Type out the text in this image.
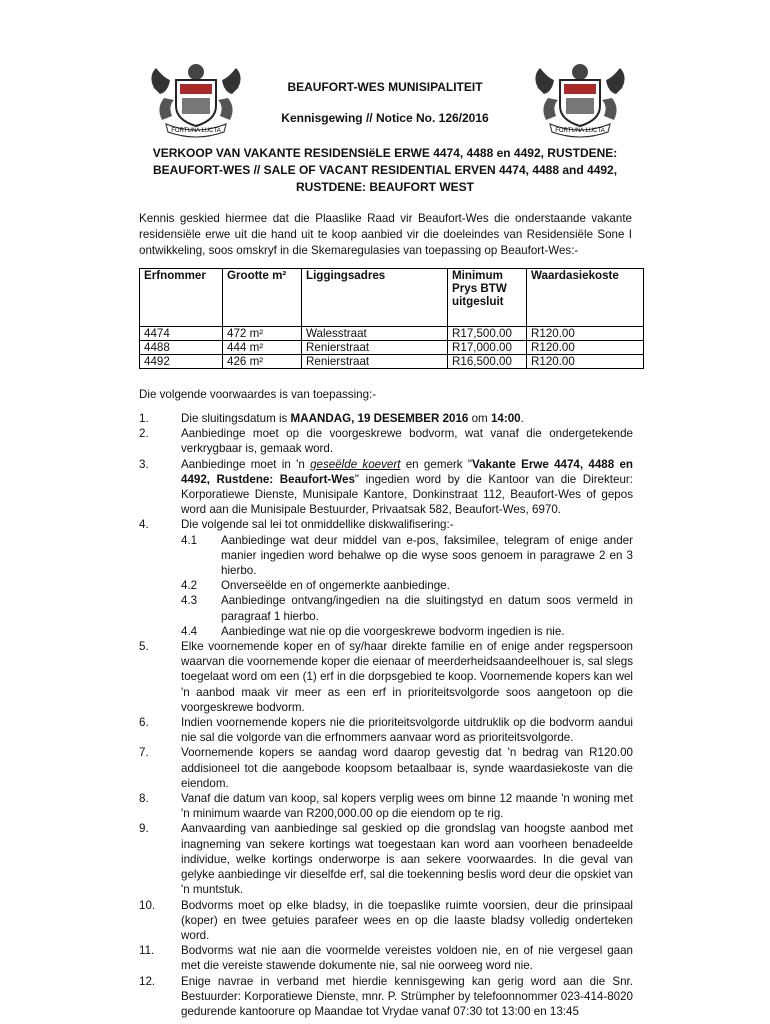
FORTUNA LUCTA	FORTUNA LUCTA
BEAUFORT-WES MUNISIPALITEIT
Kennisgewing // Notice No. 126/2016
VERKOOP VAN VAKANTE RESIDENSIëLE ERWE 4474, 4488 en 4492, RUSTDENE: BEAUFORT-WES // SALE OF VACANT RESIDENTIAL ERVEN 4474, 4488 and 4492, RUSTDENE: BEAUFORT WEST
Kennis geskied hiermee dat die Plaaslike Raad vir Beaufort-Wes die onderstaande vakante residensiële erwe uit die hand uit te koop aanbied vir die doeleindes van Residensiële Sone I ontwikkeling, soos omskryf in die Skemaregulasies van toepassing op Beaufort-Wes:-
Erfnommer	Grootte m²	Liggingsadres	Minimum Prys BTW uitgesluit	Waardasiekoste
4474	472 m²	Walesstraat	R17,500.00	R120.00
4488	444 m²	Renierstraat	R17,000.00	R120.00
4492	426 m²	Renierstraat	R16,500.00	R120.00
Die volgende voorwaardes is van toepassing:-
1.	Die sluitingsdatum is MAANDAG, 19 DESEMBER 2016 om 14:00.
2.	Aanbiedinge moet op die voorgeskrewe bodvorm, wat vanaf die ondergetekende verkrygbaar is, gemaak word.
3.	Aanbiedinge moet in 'n geseëlde koevert en gemerk "Vakante Erwe 4474, 4488 en 4492, Rustdene: Beaufort-Wes" ingedien word by die Kantoor van die Direkteur: Korporatiewe Dienste, Munisipale Kantore, Donkinstraat 112, Beaufort-Wes of gepos word aan die Munisipale Bestuurder, Privaatsak 582, Beaufort-Wes, 6970.
4.	Die volgende sal lei tot onmiddellike diskwalifisering:-
4.1 Aanbiedinge wat deur middel van e-pos, faksimilee, telegram of enige ander manier ingedien word behalwe op die wyse soos genoem in paragrawe 2 en 3 hierbo.
4.2 Onverseëlde en of ongemerkte aanbiedinge.
4.3 Aanbiedinge ontvang/ingedien na die sluitingstyd en datum soos vermeld in paragraaf 1 hierbo.
4.4 Aanbiedinge wat nie op die voorgeskrewe bodvorm ingedien is nie.
5.	Elke voornemende koper en of sy/haar direkte familie en of enige ander regspersoon waarvan die voornemende koper die eienaar of meerderheidsaandeelhouer is, sal slegs toegelaat word om een (1) erf in die dorpsgebied te koop. Voornemende kopers kan wel 'n aanbod maak vir meer as een erf in prioriteitsvolgorde soos aangetoon op die voorgeskrewe bodvorm.
6.	Indien voornemende kopers nie die prioriteitsvolgorde uitdruklik op die bodvorm aandui nie sal die volgorde van die erfnommers aanvaar word as prioriteitsvolgorde.
7.	Voornemende kopers se aandag word daarop gevestig dat 'n bedrag van R120.00 addisioneel tot die aangebode koopsom betaalbaar is, synde waardasiekoste van die eiendom.
8.	Vanaf die datum van koop, sal kopers verplig wees om binne 12 maande 'n woning met 'n minimum waarde van R200,000.00 op die eiendom op te rig.
9.	Aanvaarding van aanbiedinge sal geskied op die grondslag van hoogste aanbod met inagneming van sekere kortings wat toegestaan kan word aan voorheen benadeelde individue, welke kortings onderworpe is aan sekere voorwaardes. In die geval van gelyke aanbiedinge vir dieselfde erf, sal die toekenning beslis word deur die opskiet van 'n muntstuk.
10. Bodvorms moet op elke bladsy, in die toepaslike ruimte voorsien, deur die prinsipaal (koper) en twee getuies parafeer wees en op die laaste bladsy volledig onderteken word.
11. Bodvorms wat nie aan die voormelde vereistes voldoen nie, en of nie vergesel gaan met die vereiste stawende dokumente nie, sal nie oorweeg word nie.
12. Enige navrae in verband met hierdie kennisgewing kan gerig word aan die Snr. Bestuurder: Korporatiewe Dienste, mnr. P. Strümpher by telefoonnommer 023-414-8020 gedurende kantoorure op Maandae tot Vrydae vanaf 07:30 tot 13:00 en 13:45
